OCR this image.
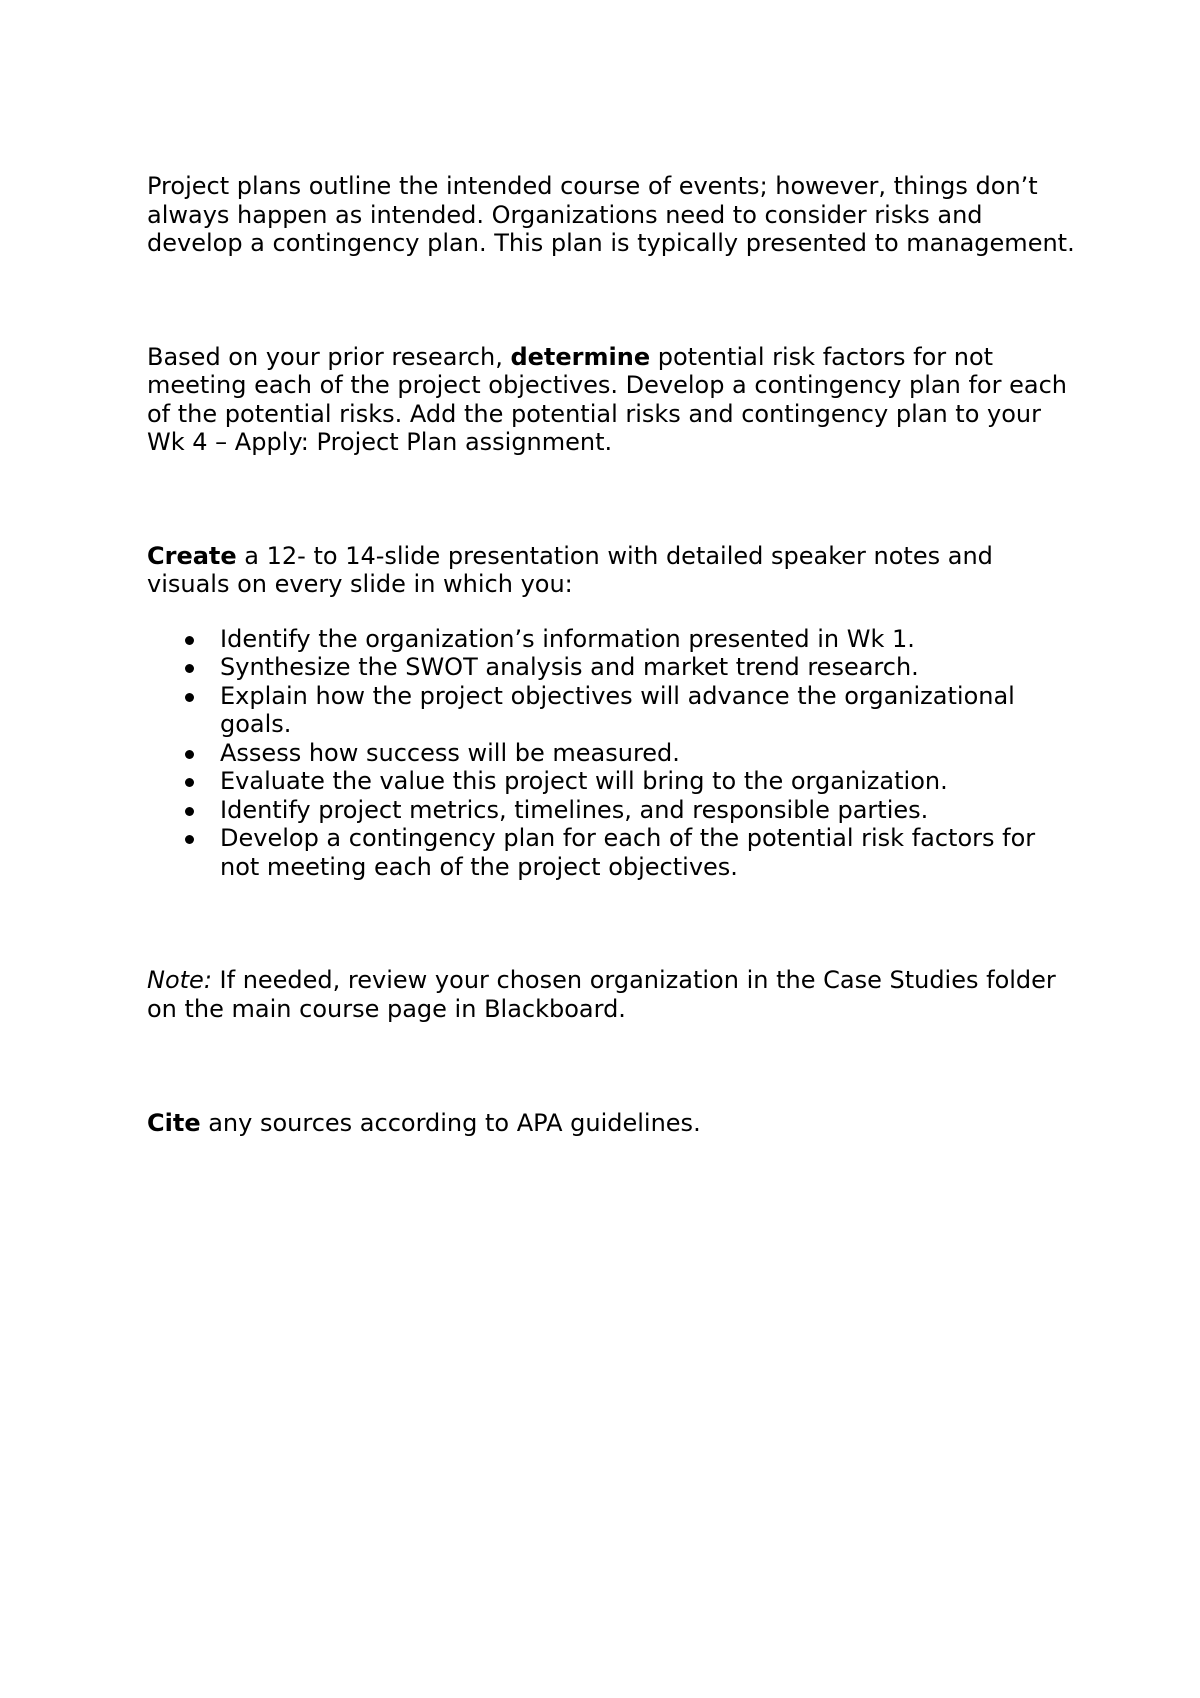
Project plans outline the intended course of events; however, things don’t always happen as intended. Organizations need to consider risks and develop a contingency plan. This plan is typically presented to management.

Based on your prior research, determine potential risk factors for not meeting each of the project objectives. Develop a contingency plan for each of the potential risks. Add the potential risks and contingency plan to your Wk 4 – Apply: Project Plan assignment.

Create a 12- to 14-slide presentation with detailed speaker notes and visuals on every slide in which you:

Identify the organization’s information presented in Wk 1.
Synthesize the SWOT analysis and market trend research.
Explain how the project objectives will advance the organizational goals.
Assess how success will be measured.
Evaluate the value this project will bring to the organization.
Identify project metrics, timelines, and responsible parties.
Develop a contingency plan for each of the potential risk factors for not meeting each of the project objectives.

Note: If needed, review your chosen organization in the Case Studies folder on the main course page in Blackboard.

Cite any sources according to APA guidelines.
